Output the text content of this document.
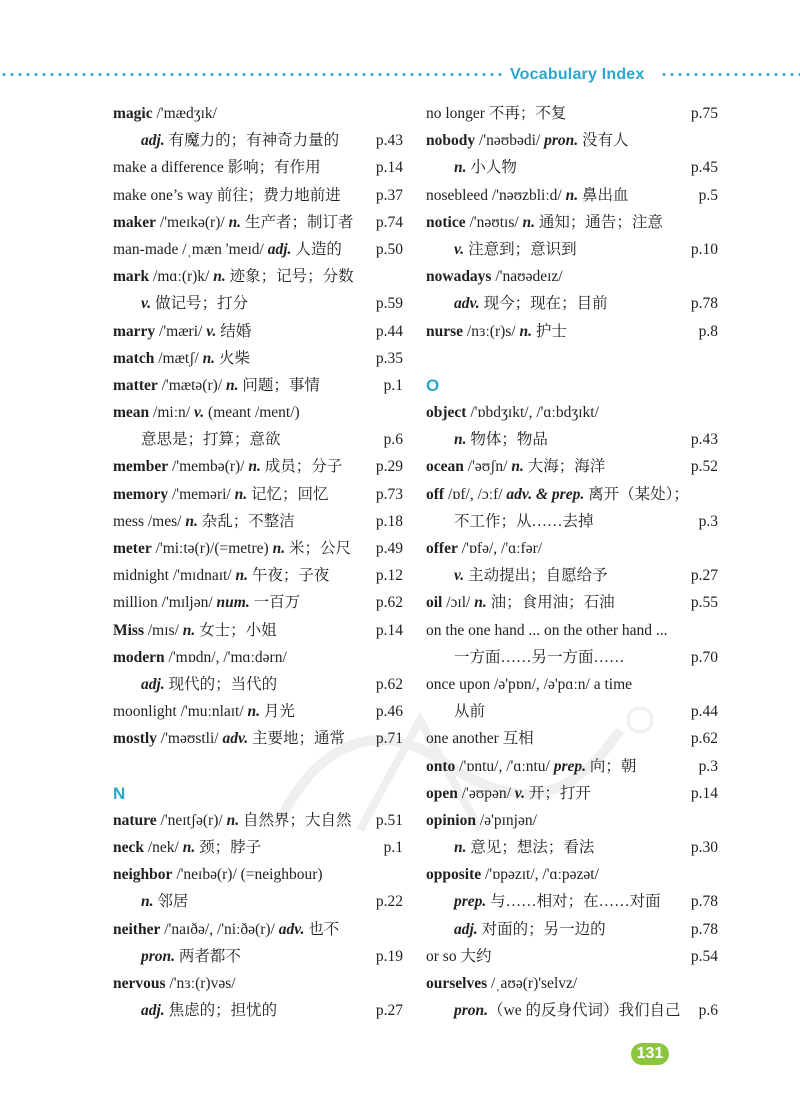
Vocabulary Index
magic /'mædʒɪk/
adj. 有魔力的；有神奇力量的 p.43
make a difference 影响；有作用	p.14
make one’s way 前往；费力地前进 p.37
maker /'meɪkə(r)/ n. 生产者；制订者 p.74
man-made /ˌmæn 'meɪd/ adj. 人造的 p.50
mark /mɑː(r)k/ n. 迹象；记号；分数
v. 做记号；打分	p.59
marry /'mæri/ v. 结婚	p.44
match /mætʃ/ n. 火柴	p.35
matter /'mætə(r)/ n. 问题；事情	p.1
mean /miːn/ v. (meant /ment/)
意思是；打算；意欲	p.6
member /'membə(r)/ n. 成员；分子 p.29
memory /'meməri/ n. 记忆；回忆	p.73
mess /mes/ n. 杂乱；不整洁	p.18
meter /'miːtə(r)/(=metre) n. 米；公尺 p.49
midnight /'mɪdnaɪt/ n. 午夜；子夜	p.12
million /'mɪljən/ num. 一百万	p.62
Miss /mɪs/ n. 女士；小姐	p.14
modern /'mɒdn/, /'mɑːdərn/
adj. 现代的；当代的	p.62
moonlight /'muːnlaɪt/ n. 月光	p.46
mostly /'məʊstli/ adv. 主要地；通常 p.71
N
nature /'neɪtʃə(r)/ n. 自然界；大自然 p.51
neck /nek/ n. 颈；脖子	p.1
neighbor /'neɪbə(r)/ (=neighbour)
n. 邻居	p.22
neither /'naɪðə/, /'niːðə(r)/ adv. 也不
pron. 两者都不	p.19
nervous /'nɜː(r)vəs/
adj. 焦虑的；担忧的	p.27
no longer 不再；不复	p.75
nobody /'nəʊbədi/ pron. 没有人
n. 小人物	p.45
nosebleed /'nəʊzbliːd/ n. 鼻出血	p.5
notice /'nəʊtɪs/ n. 通知；通告；注意
v. 注意到；意识到	p.10
nowadays /'naʊədeɪz/
adv. 现今；现在；目前	p.78
nurse /nɜː(r)s/ n. 护士	p.8
O
object /'ɒbdʒɪkt/, /'ɑːbdʒɪkt/
n. 物体；物品	p.43
ocean /'əʊʃn/ n. 大海；海洋	p.52
off /ɒf/, /ɔːf/ adv. & prep. 离开（某处）；
不工作；从……去掉	p.3
offer /'ɒfə/, /'ɑːfər/
v. 主动提出；自愿给予	p.27
oil /ɔɪl/ n. 油；食用油；石油	p.55
on the one hand ... on the other hand ...
一方面……另一方面……	p.70
once upon /ə'pɒn/, /ə'pɑːn/ a time
从前	p.44
one another 互相	p.62
onto /'ɒntu/, /'ɑːntu/ prep. 向；朝	p.3
open /'əʊpən/ v. 开；打开	p.14
opinion /ə'pɪnjən/
n. 意见；想法；看法	p.30
opposite /'ɒpəzɪt/, /'ɑːpəzət/
prep. 与……相对；在……对面 p.78
adj. 对面的；另一边的	p.78
or so 大约	p.54
ourselves /ˌaʊə(r)'selvz/
pron.（we 的反身代词）我们自己 p.6
131
